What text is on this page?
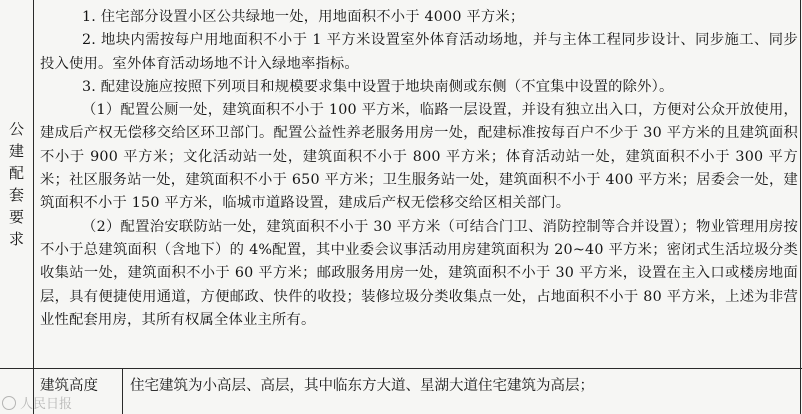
公
建
配
套
要
求

1. 住宅部分设置小区公共绿地一处，用地面积不小于 4000 平方米；

2. 地块内需按每户用地面积不小于 1 平方米设置室外体育活动场地，并与主体工程同步设计、同步施工、同步投入使用。室外体育活动场地不计入绿地率指标。

3. 配建设施应按照下列项目和规模要求集中设置于地块南侧或东侧（不宜集中设置的除外）。

（1）配置公厕一处，建筑面积不小于 100 平方米，临路一层设置，并设有独立出入口，方便对公众开放使用，建成后产权无偿移交给区环卫部门。配置公益性养老服务用房一处，配建标准按每百户不少于 30 平方米的且建筑面积不小于 900 平方米；文化活动站一处，建筑面积不小于 800 平方米；体育活动站一处，建筑面积不小于 300 平方米；社区服务站一处，建筑面积不小于 650 平方米；卫生服务站一处，建筑面积不小于 400 平方米；居委会一处，建筑面积不小于 150 平方米，临城市道路设置，建成后产权无偿移交给区相关部门。

（2）配置治安联防站一处，建筑面积不小于 30 平方米（可结合门卫、消防控制等合并设置）；物业管理用房按不小于总建筑面积（含地下）的 4%配置，其中业委会议事活动用房建筑面积为 20~40 平方米；密闭式生活垃圾分类收集站一处，建筑面积不小于 60 平方米；邮政服务用房一处，建筑面积不小于 30 平方米，设置在主入口或楼房地面层，具有便捷使用通道，方便邮政、快件的收投；装修垃圾分类收集点一处，占地面积不小于 80 平方米，上述为非营业性配套用房，其所有权属全体业主所有。

建筑高度 住宅建筑为小高层、高层，其中临东方大道、星湖大道住宅建筑为高层；
人民日报
